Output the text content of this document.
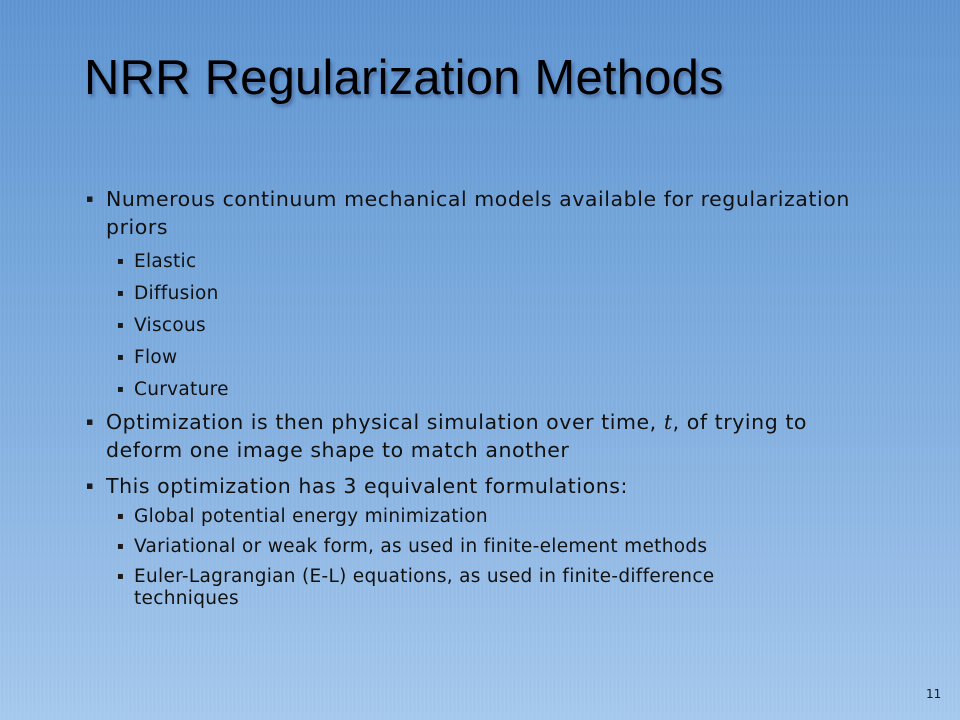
NRR Regularization Methods
▪ Numerous continuum mechanical models available for regularization priors
▪ Elastic
▪ Diffusion
▪ Viscous
▪ Flow
▪ Curvature
▪ Optimization is then physical simulation over time, t, of trying to deform one image shape to match another
▪ This optimization has 3 equivalent formulations:
▪ Global potential energy minimization
▪ Variational or weak form, as used in finite-element methods
▪ Euler-Lagrangian (E-L) equations, as used in finite-difference techniques
11
